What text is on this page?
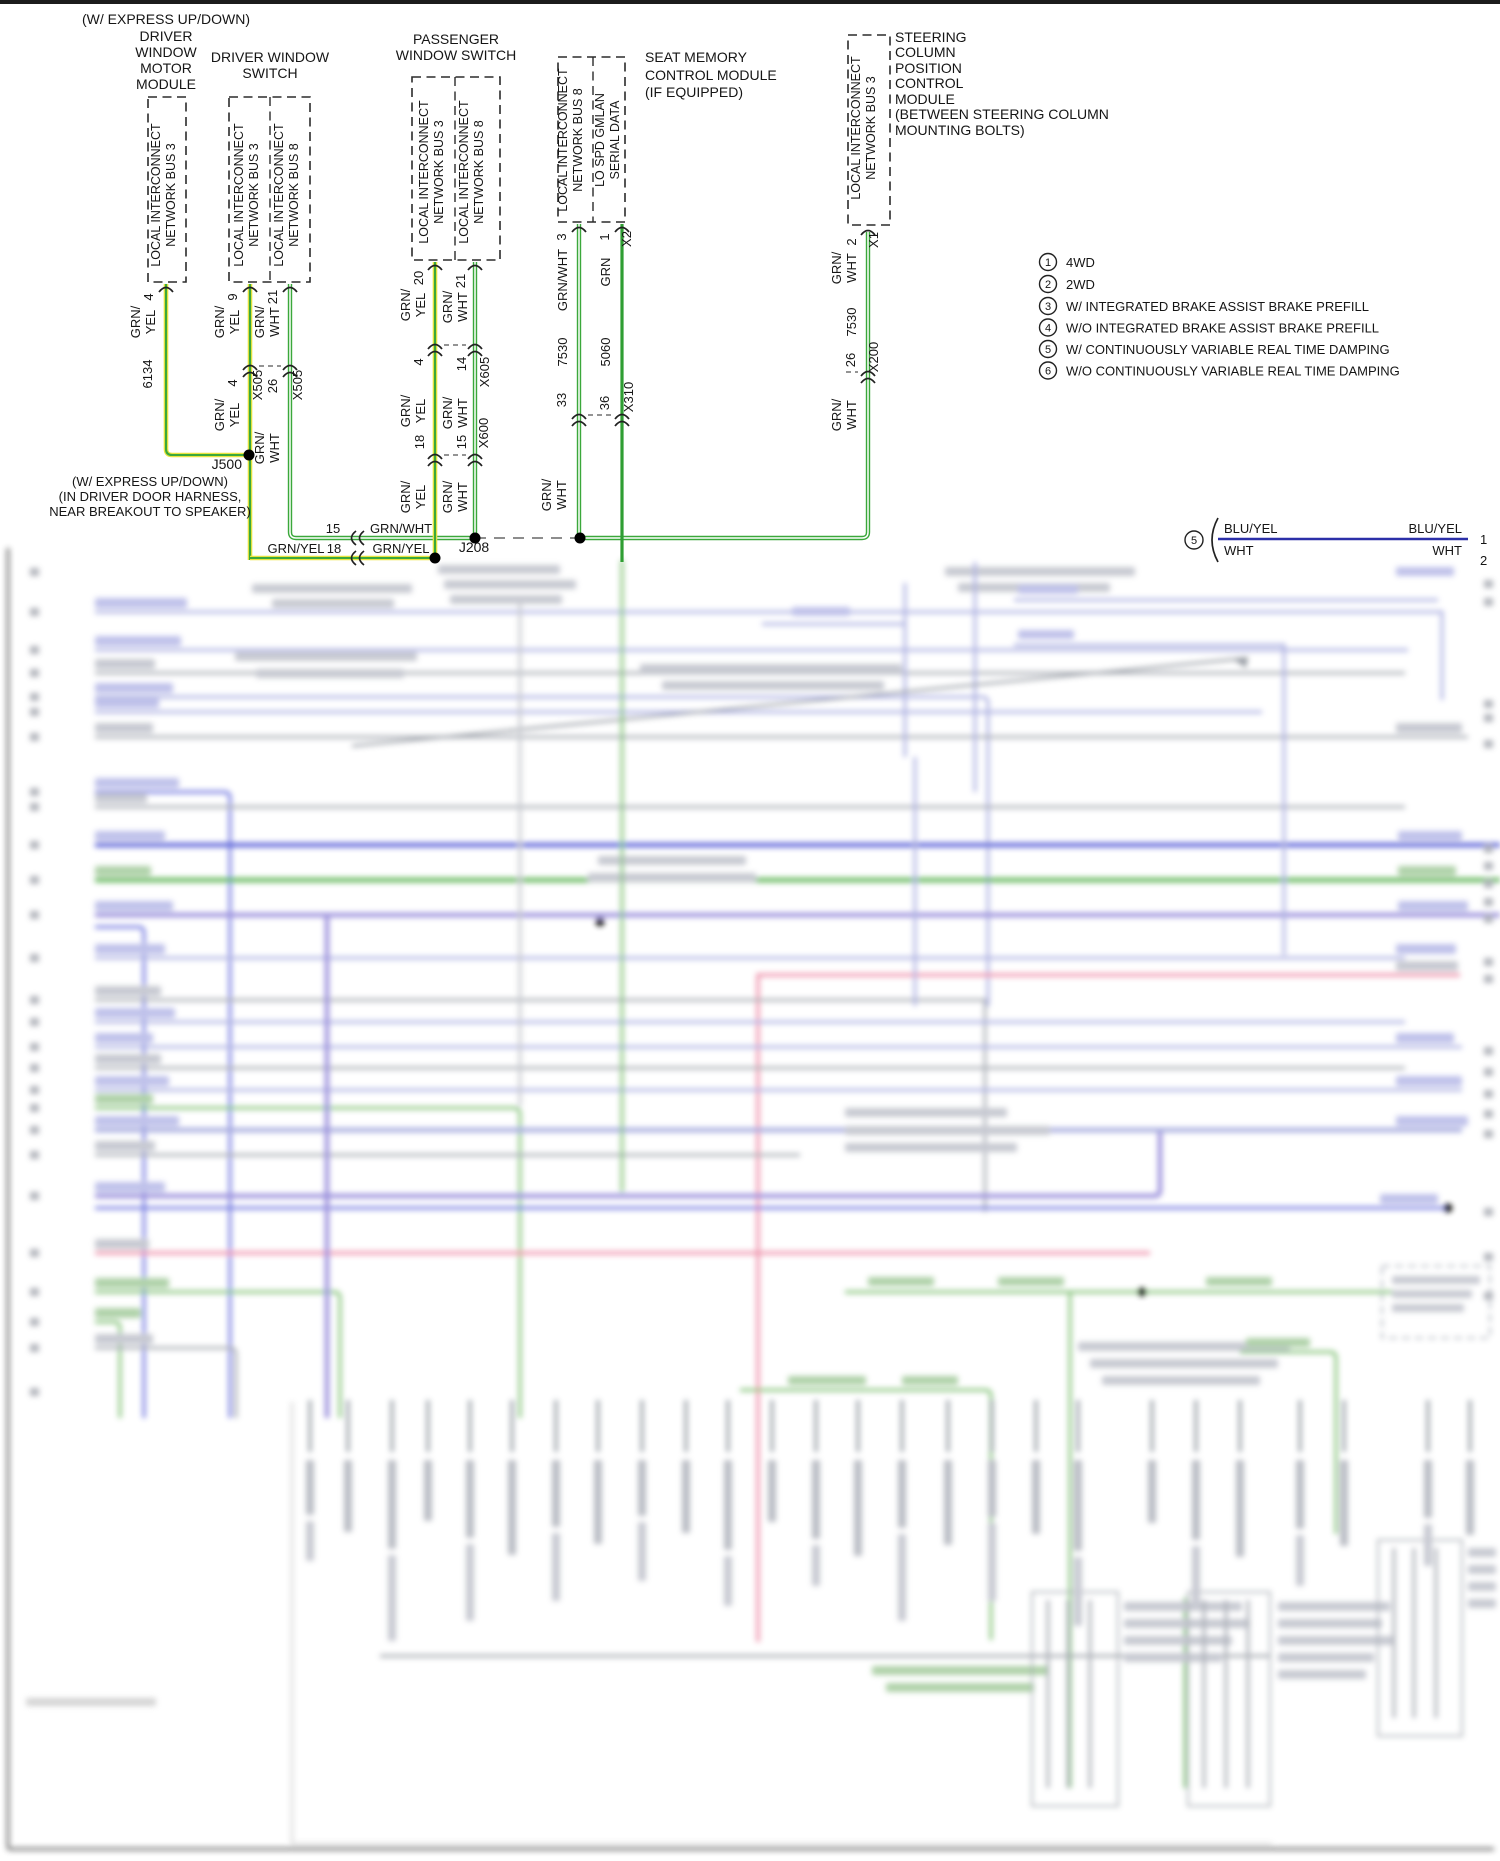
(W/ EXPRESS UP/DOWN)
DRIVER
WINDOW
MOTOR
MODULE
LOCAL INTERCONNECT NETWORK BUS 3
DRIVER WINDOW
SWITCH
LOCAL INTERCONNECT NETWORK BUS 3 LOCAL INTERCONNECT NETWORK BUS 8
PASSENGER
WINDOW SWITCH
LOCAL INTERCONNECT NETWORK BUS 3 LOCAL INTERCONNECT NETWORK BUS 8
SEAT MEMORY
CONTROL MODULE
(IF EQUIPPED)
LOCAL INTERCONNECT NETWORK BUS 8 LO SPD GMLAN SERIAL DATA
STEERING
COLUMN
POSITION
CONTROL
MODULE
(BETWEEN STEERING COLUMN
MOUNTING BOLTS)
LOCAL INTERCONNECT NETWORK BUS 3
4
GRN/ YEL
6134
9
GRN/ YEL
4 X505
GRN/ YEL
21
GRN/ WHT
26 X505
GRN/ WHT
20
GRN/ YEL
4
GRN/ YEL
18
GRN/ YEL
21
GRN/ WHT
14 X605
GRN/ WHT
15 X600
GRN/ WHT
3
GRN/WHT
7530
33
GRN/ WHT
1 X2
GRN
5060
36 X310
2 X1
GRN/ WHT
7530
26 X200
GRN/ WHT
J500
(W/ EXPRESS UP/DOWN)
(IN DRIVER DOOR HARNESS,
NEAR BREAKOUT TO SPEAKER)
J208
15 GRN/WHT
GRN/YEL 18 GRN/YEL
1 4WD
2 2WD
3 W/ INTEGRATED BRAKE ASSIST BRAKE PREFILL
4 W/O INTEGRATED BRAKE ASSIST BRAKE PREFILL
5 W/ CONTINUOUSLY VARIABLE REAL TIME DAMPING
6 W/O CONTINUOUSLY VARIABLE REAL TIME DAMPING
5
BLU/YEL	BLU/YEL
WHT	WHT
1
2
